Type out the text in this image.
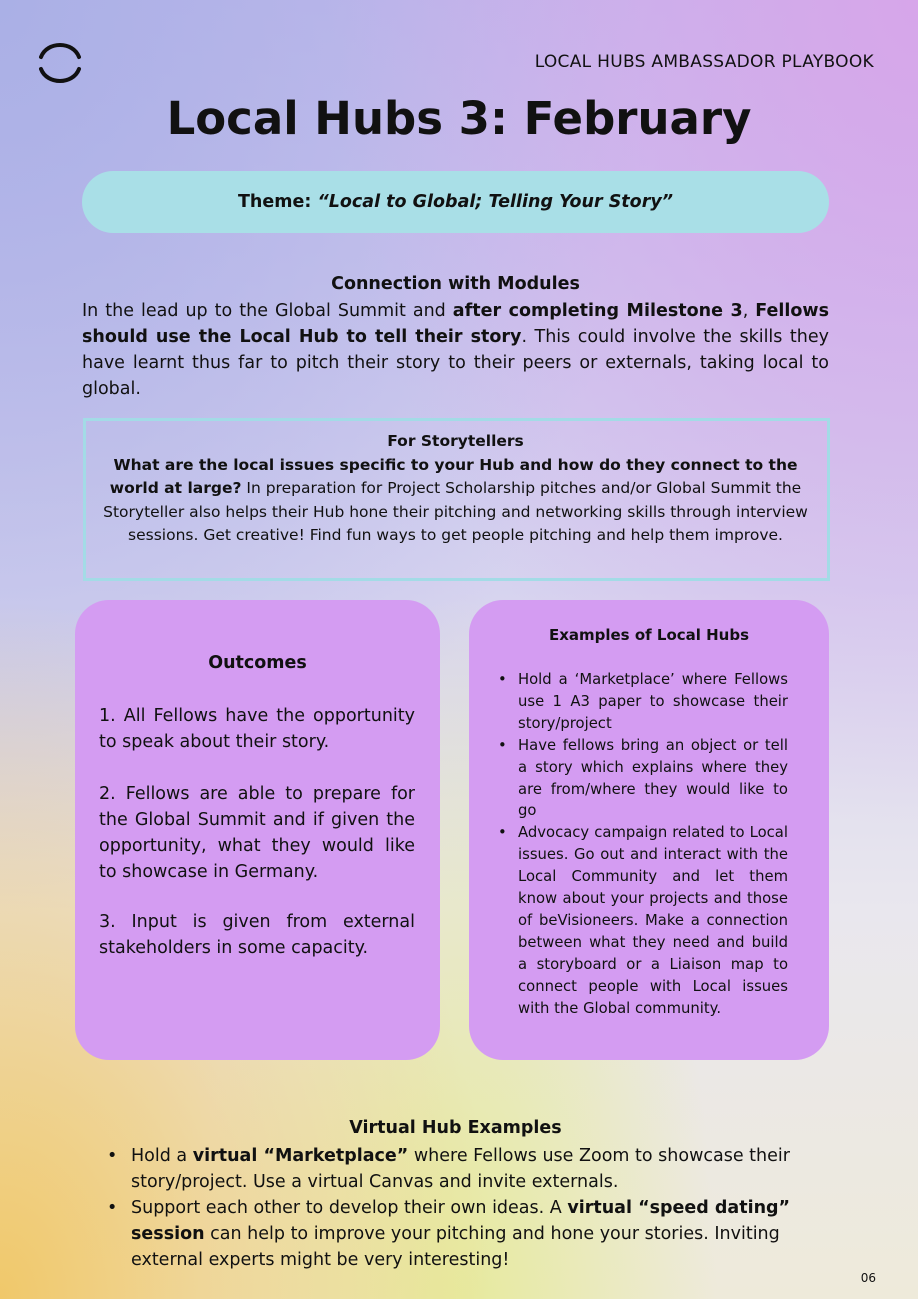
LOCAL HUBS AMBASSADOR PLAYBOOK
Local Hubs 3: February
Theme:
“Local to Global; Telling Your Story”
Connection with Modules
In the lead up to the Global Summit and after completing Milestone 3, Fellows should use the Local Hub to tell their story. This could involve the skills they have learnt thus far to pitch their story to their peers or externals, taking local to global.
For Storytellers
What are the local issues specific to your Hub and how do they connect to the world at large? In preparation for Project Scholarship pitches and/or Global Summit the Storyteller also helps their Hub hone their pitching and networking skills through interview sessions. Get creative! Find fun ways to get people pitching and help them improve.
Outcomes
1. All Fellows have the opportunity to speak about their story.
2. Fellows are able to prepare for the Global Summit and if given the opportunity, what they would like to showcase in Germany.
3. Input is given from external stakeholders in some capacity.
Examples of Local Hubs
• Hold a ‘Marketplace’ where Fellows use 1 A3 paper to showcase their story/project
• Have fellows bring an object or tell a story which explains where they are from/where they would like to go
• Advocacy campaign related to Local issues. Go out and interact with the Local Community and let them know about your projects and those of beVisioneers. Make a connection between what they need and build a storyboard or a Liaison map to connect people with Local issues with the Global community.
Virtual Hub Examples
• Hold a virtual “Marketplace” where Fellows use Zoom to showcase their story/project. Use a virtual Canvas and invite externals.
• Support each other to develop their own ideas. A virtual “speed dating” session can help to improve your pitching and hone your stories. Inviting external experts might be very interesting!
06
